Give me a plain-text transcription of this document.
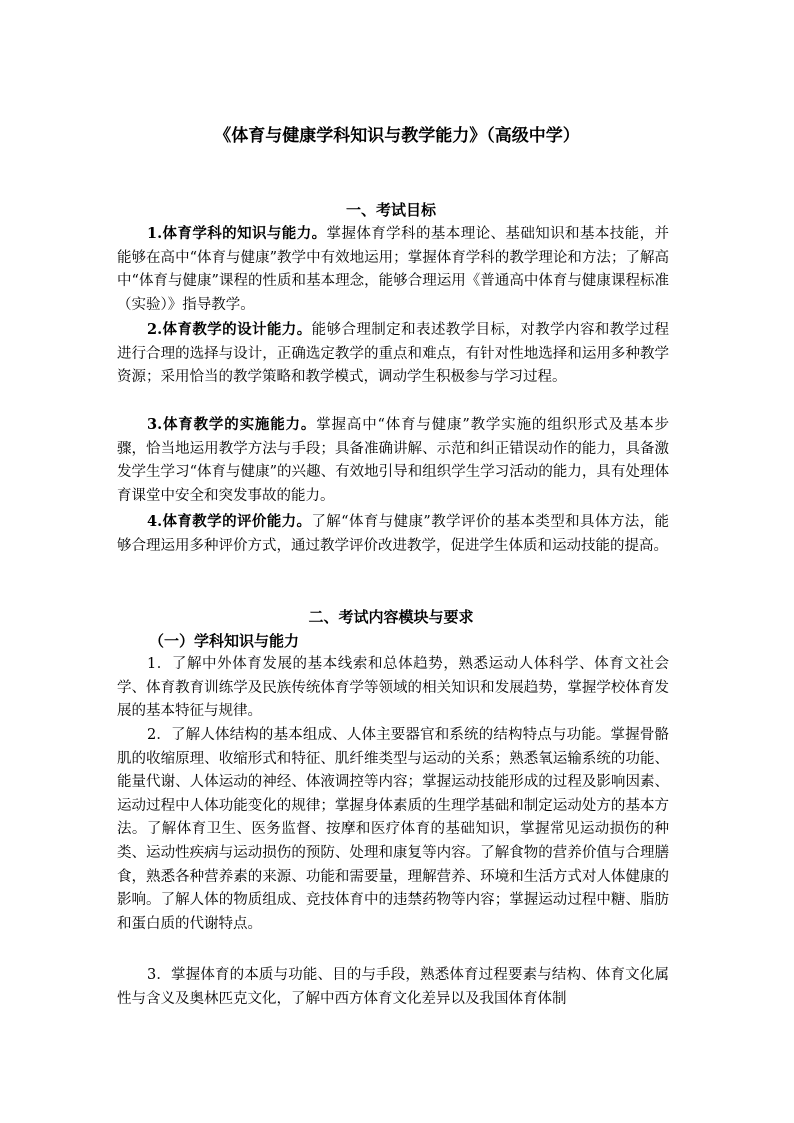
《体育与健康学科知识与教学能力》（高级中学）
一、考试目标

1.体育学科的知识与能力。掌握体育学科的基本理论、基础知识和基本技能，并能够在高中“体育与健康”教学中有效地运用；掌握体育学科的教学理论和方法；了解高中“体育与健康”课程的性质和基本理念，能够合理运用《普通高中体育与健康课程标准（实验）》指导教学。

2.体育教学的设计能力。能够合理制定和表述教学目标，对教学内容和教学过程进行合理的选择与设计，正确选定教学的重点和难点，有针对性地选择和运用多种教学资源；采用恰当的教学策略和教学模式，调动学生积极参与学习过程。

3.体育教学的实施能力。掌握高中“体育与健康”教学实施的组织形式及基本步骤，恰当地运用教学方法与手段；具备准确讲解、示范和纠正错误动作的能力，具备激发学生学习“体育与健康”的兴趣、有效地引导和组织学生学习活动的能力，具有处理体育课堂中安全和突发事故的能力。

4.体育教学的评价能力。了解“体育与健康”教学评价的基本类型和具体方法，能够合理运用多种评价方式，通过教学评价改进教学，促进学生体质和运动技能的提高。

二、考试内容模块与要求
（一）学科知识与能力

1．了解中外体育发展的基本线索和总体趋势，熟悉运动人体科学、体育文社会学、体育教育训练学及民族传统体育学等领域的相关知识和发展趋势，掌握学校体育发展的基本特征与规律。

2．了解人体结构的基本组成、人体主要器官和系统的结构特点与功能。掌握骨骼肌的收缩原理、收缩形式和特征、肌纤维类型与运动的关系；熟悉氧运输系统的功能、能量代谢、人体运动的神经、体液调控等内容；掌握运动技能形成的过程及影响因素、运动过程中人体功能变化的规律；掌握身体素质的生理学基础和制定运动处方的基本方法。了解体育卫生、医务监督、按摩和医疗体育的基础知识，掌握常见运动损伤的种类、运动性疾病与运动损伤的预防、处理和康复等内容。了解食物的营养价值与合理膳食，熟悉各种营养素的来源、功能和需要量，理解营养、环境和生活方式对人体健康的影响。了解人体的物质组成、竞技体育中的违禁药物等内容；掌握运动过程中糖、脂肪和蛋白质的代谢特点。

3．掌握体育的本质与功能、目的与手段，熟悉体育过程要素与结构、体育文化属性与含义及奥林匹克文化，了解中西方体育文化差异以及我国体育体制
